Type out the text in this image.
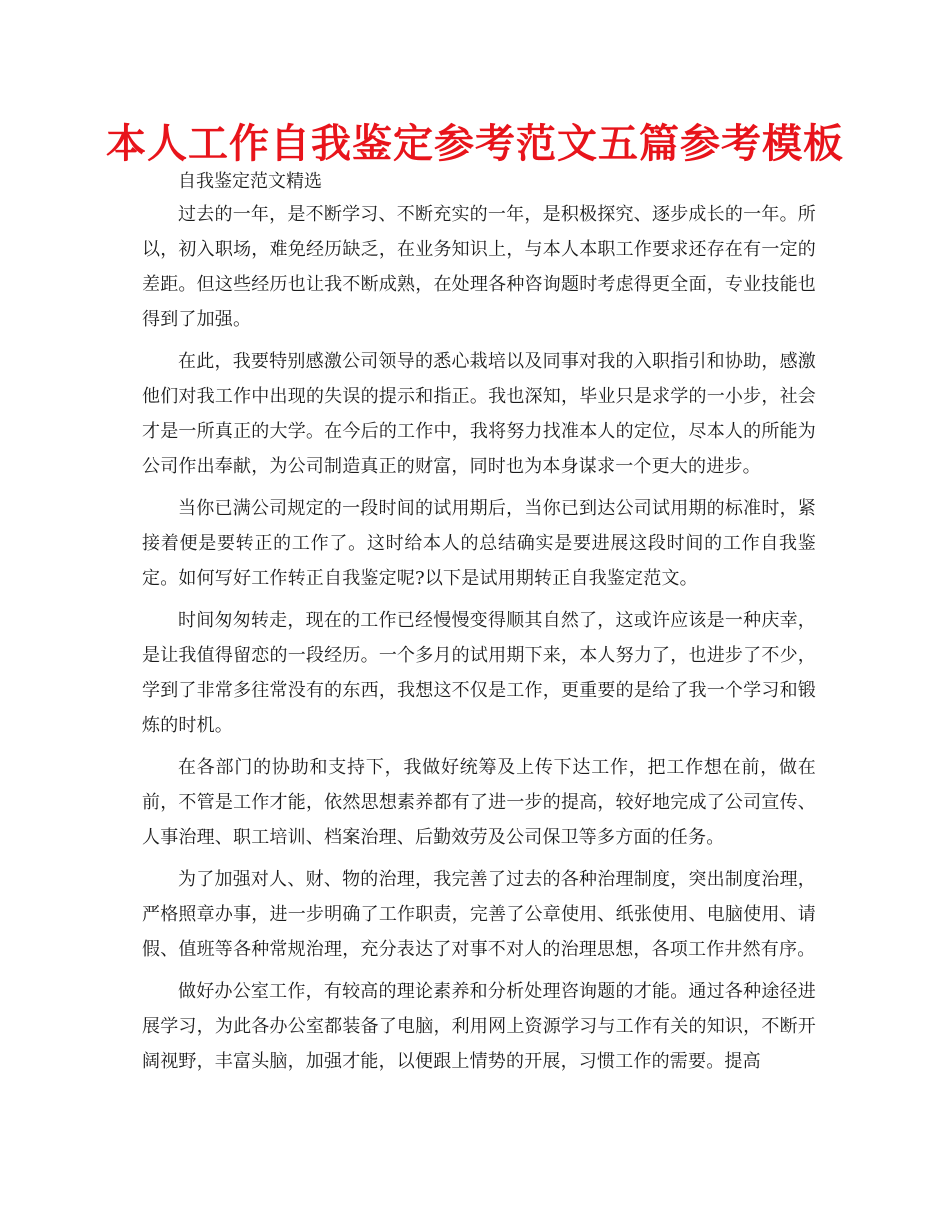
本人工作自我鉴定参考范文五篇参考模板

自我鉴定范文精选

过去的一年，是不断学习、不断充实的一年，是积极探究、逐步成长的一年。所以，初入职场，难免经历缺乏，在业务知识上，与本人本职工作要求还存在有一定的差距。但这些经历也让我不断成熟，在处理各种咨询题时考虑得更全面，专业技能也得到了加强。

在此，我要特别感激公司领导的悉心栽培以及同事对我的入职指引和协助，感激他们对我工作中出现的失误的提示和指正。我也深知，毕业只是求学的一小步，社会才是一所真正的大学。在今后的工作中，我将努力找准本人的定位，尽本人的所能为公司作出奉献，为公司制造真正的财富，同时也为本身谋求一个更大的进步。

当你已满公司规定的一段时间的试用期后，当你已到达公司试用期的标准时，紧接着便是要转正的工作了。这时给本人的总结确实是要进展这段时间的工作自我鉴定。如何写好工作转正自我鉴定呢?以下是试用期转正自我鉴定范文。

时间匆匆转走，现在的工作已经慢慢变得顺其自然了，这或许应该是一种庆幸，是让我值得留恋的一段经历。一个多月的试用期下来，本人努力了，也进步了不少，学到了非常多往常没有的东西，我想这不仅是工作，更重要的是给了我一个学习和锻炼的时机。

在各部门的协助和支持下，我做好统筹及上传下达工作，把工作想在前，做在前，不管是工作才能，依然思想素养都有了进一步的提高，较好地完成了公司宣传、人事治理、职工培训、档案治理、后勤效劳及公司保卫等多方面的任务。

为了加强对人、财、物的治理，我完善了过去的各种治理制度，突出制度治理，严格照章办事，进一步明确了工作职责，完善了公章使用、纸张使用、电脑使用、请假、值班等各种常规治理，充分表达了对事不对人的治理思想，各项工作井然有序。

做好办公室工作，有较高的理论素养和分析处理咨询题的才能。通过各种途径进展学习，为此各办公室都装备了电脑，利用网上资源学习与工作有关的知识，不断开阔视野，丰富头脑，加强才能，以便跟上情势的开展，习惯工作的需要。提高
